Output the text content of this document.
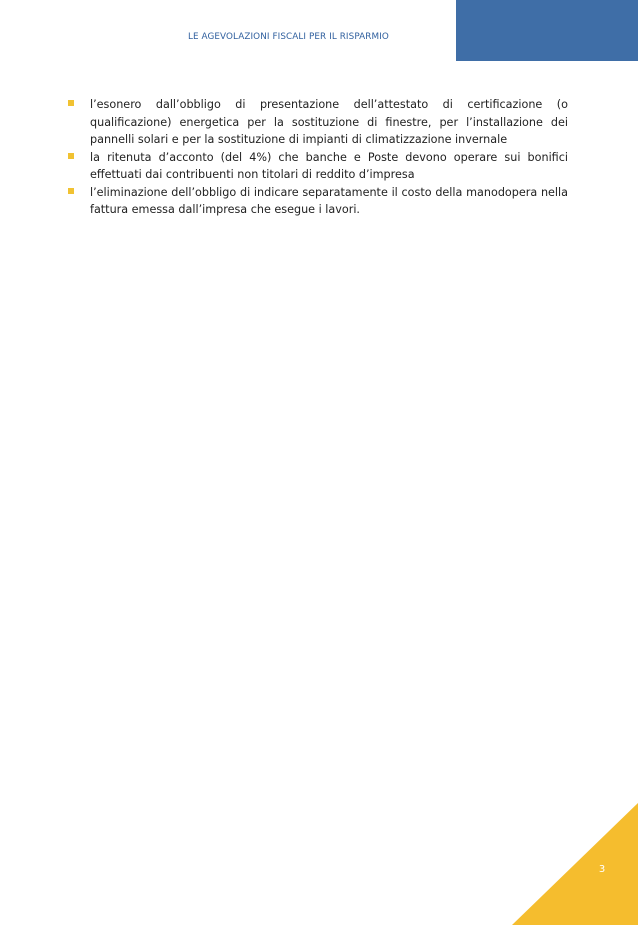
LE AGEVOLAZIONI FISCALI PER IL RISPARMIO ENERGETICO
l’esonero dall’obbligo di presentazione dell’attestato di certificazione (o qualificazione) energetica per la sostituzione di finestre, per l’installazione dei pannelli solari e per la sostituzione di impianti di climatizzazione invernale
la ritenuta d’acconto (del 4%) che banche e Poste devono operare sui bonifici effettuati dai contribuenti non titolari di reddito d’impresa
l’eliminazione dell’obbligo di indicare separatamente il costo della manodopera nella fattura emessa dall’impresa che esegue i lavori.
3
